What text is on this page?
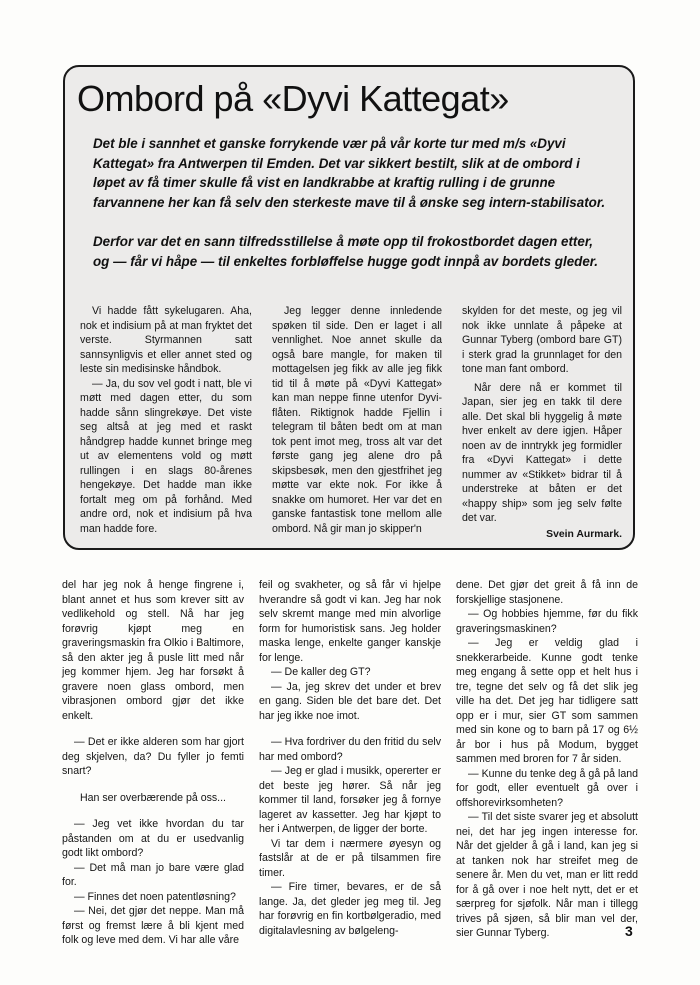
Ombord på «Dyvi Kattegat»

Det ble i sannhet et ganske forrykende vær på vår korte tur med m/s «Dyvi Kattegat» fra Antwerpen til Emden. Det var sikkert bestilt, slik at de ombord i løpet av få timer skulle få vist en landkrabbe at kraftig rulling i de grunne farvannene her kan få selv den sterkeste mave til å ønske seg intern-stabilisator.

Derfor var det en sann tilfredsstillelse å møte opp til frokostbordet dagen etter, og — får vi håpe — til enkeltes forbløffelse hugge godt innpå av bordets gleder.

Vi hadde fått sykelugaren. Aha, nok et indisium på at man fryktet det verste. Styrmannen satt sannsynligvis et eller annet sted og leste sin medisinske håndbok.

— Ja, du sov vel godt i natt, ble vi møtt med dagen etter, du som hadde sånn slingrekøye. Det viste seg altså at jeg med et raskt håndgrep hadde kunnet bringe meg ut av elementens vold og møtt rullingen i en slags 80-årenes hengekøye. Det hadde man ikke fortalt meg om på forhånd. Med andre ord, nok et indisium på hva man hadde fore.

Jeg legger denne innledende spøken til side. Den er laget i all vennlighet. Noe annet skulle da også bare mangle, for maken til mottagelsen jeg fikk av alle jeg fikk tid til å møte på «Dyvi Kattegat» kan man neppe finne utenfor Dyvi-flåten. Riktignok hadde Fjellin i telegram til båten bedt om at man tok pent imot meg, tross alt var det første gang jeg alene dro på skipsbesøk, men den gjestfrihet jeg møtte var ekte nok. For ikke å snakke om humoret. Her var det en ganske fantastisk tone mellom alle ombord. Nå gir man jo skipper'n

skylden for det meste, og jeg vil nok ikke unnlate å påpeke at Gunnar Tyberg (ombord bare GT) i sterk grad la grunnlaget for den tone man fant ombord.

Når dere nå er kommet til Japan, sier jeg en takk til dere alle. Det skal bli hyggelig å møte hver enkelt av dere igjen. Håper noen av de inntrykk jeg formidler fra «Dyvi Kattegat» i dette nummer av «Stikket» bidrar til å understreke at båten er det «happy ship» som jeg selv følte det var.

Svein Aurmark.

del har jeg nok å henge fingrene i, blant annet et hus som krever sitt av vedlikehold og stell. Nå har jeg forøvrig kjøpt meg en graveringsmaskin fra Olkio i Baltimore, så den akter jeg å pusle litt med når jeg kommer hjem. Jeg har forsøkt å gravere noen glass ombord, men vibrasjonen ombord gjør det ikke enkelt.

— Det er ikke alderen som har gjort deg skjelven, da? Du fyller jo femti snart?

Han ser overbærende på oss...

— Jeg vet ikke hvordan du tar påstanden om at du er usedvanlig godt likt ombord?

— Det må man jo bare være glad for.

— Finnes det noen patentløsning?

— Nei, det gjør det neppe. Man må først og fremst lære å bli kjent med folk og leve med dem. Vi har alle våre

feil og svakheter, og så får vi hjelpe hverandre så godt vi kan. Jeg har nok selv skremt mange med min alvorlige form for humoristisk sans. Jeg holder maska lenge, enkelte ganger kanskje for lenge.

— De kaller deg GT?

— Ja, jeg skrev det under et brev en gang. Siden ble det bare det. Det har jeg ikke noe imot.

— Hva fordriver du den fritid du selv har med ombord?

— Jeg er glad i musikk, opererter er det beste jeg hører. Så når jeg kommer til land, forsøker jeg å fornye lageret av kassetter. Jeg har kjøpt to her i Antwerpen, de ligger der borte.

Vi tar dem i nærmere øyesyn og fastslår at de er på tilsammen fire timer.

— Fire timer, bevares, er de så lange. Ja, det gleder jeg meg til. Jeg har forøvrig en fin kortbølgeradio, med digitalavlesning av bølgeleng-

dene. Det gjør det greit å få inn de forskjellige stasjonene.

— Og hobbies hjemme, før du fikk graveringsmaskinen?

— Jeg er veldig glad i snekkerarbeide. Kunne godt tenke meg engang å sette opp et helt hus i tre, tegne det selv og få det slik jeg ville ha det. Det jeg har tidligere satt opp er i mur, sier GT som sammen med sin kone og to barn på 17 og 6½ år bor i hus på Modum, bygget sammen med broren for 7 år siden.

— Kunne du tenke deg å gå på land for godt, eller eventuelt gå over i offshorevirksomheten?

— Til det siste svarer jeg et absolutt nei, det har jeg ingen interesse for. Når det gjelder å gå i land, kan jeg si at tanken nok har streifet meg de senere år. Men du vet, man er litt redd for å gå over i noe helt nytt, det er et særpreg for sjøfolk. Når man i tillegg trives på sjøen, så blir man vel der, sier Gunnar Tyberg.	3
